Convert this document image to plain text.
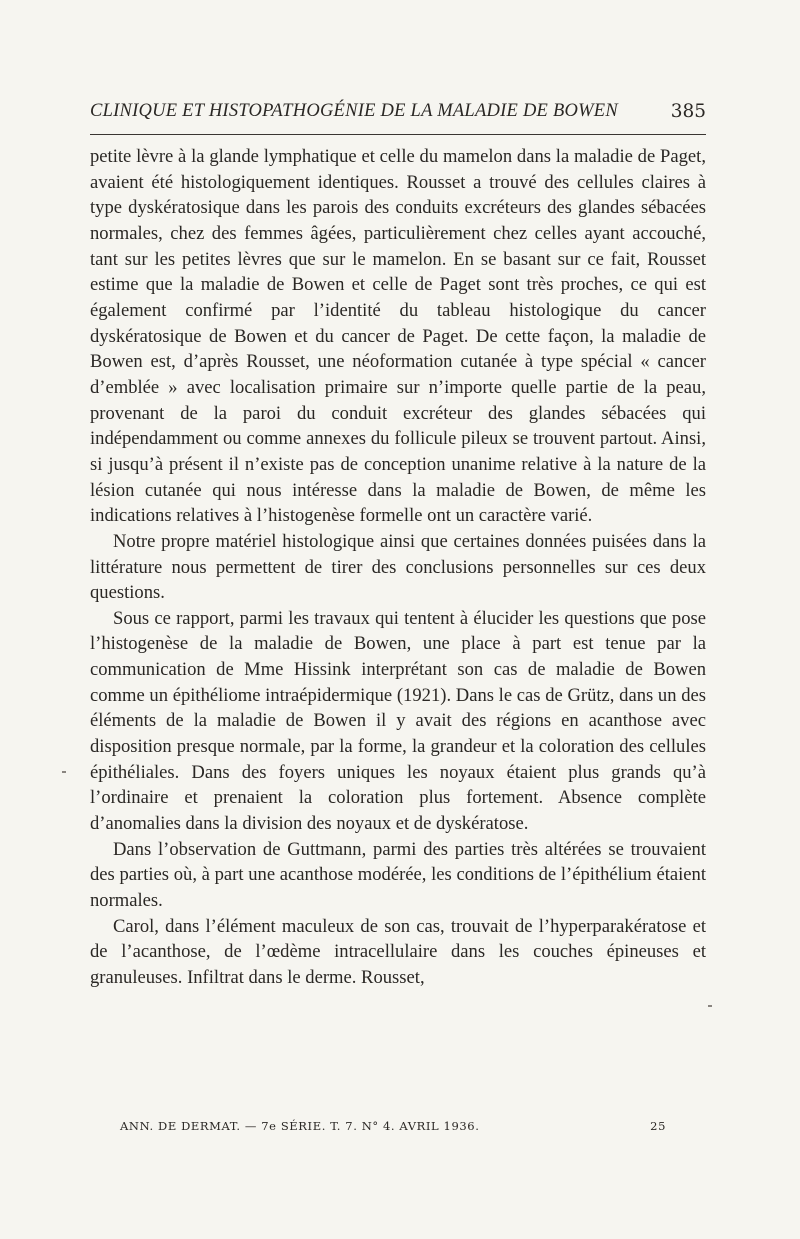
CLINIQUE ET HISTOPATHOGÉNIE DE LA MALADIE DE BOWEN	385

petite lèvre à la glande lymphatique et celle du mamelon dans la maladie de Paget, avaient été histologiquement identiques. Rousset a trouvé des cellules claires à type dyskératosique dans les parois des conduits excréteurs des glandes sébacées normales, chez des femmes âgées, particulièrement chez celles ayant accouché, tant sur les petites lèvres que sur le mamelon. En se basant sur ce fait, Rousset estime que la maladie de Bowen et celle de Paget sont très proches, ce qui est également confirmé par l’identité du tableau histologique du cancer dyskératosique de Bowen et du cancer de Paget. De cette façon, la maladie de Bowen est, d’après Rousset, une néoformation cutanée à type spécial « cancer d’emblée » avec localisation primaire sur n’importe quelle partie de la peau, provenant de la paroi du conduit excréteur des glandes sébacées qui indépendamment ou comme annexes du follicule pileux se trouvent partout. Ainsi, si jusqu’à présent il n’existe pas de conception unanime relative à la nature de la lésion cutanée qui nous intéresse dans la maladie de Bowen, de même les indications relatives à l’histogenèse formelle ont un caractère varié.

Notre propre matériel histologique ainsi que certaines données puisées dans la littérature nous permettent de tirer des conclusions personnelles sur ces deux questions.

Sous ce rapport, parmi les travaux qui tentent à élucider les questions que pose l’histogenèse de la maladie de Bowen, une place à part est tenue par la communication de Mme Hissink interprétant son cas de maladie de Bowen comme un épithéliome intraépidermique (1921). Dans le cas de Grütz, dans un des éléments de la maladie de Bowen il y avait des régions en acanthose avec disposition presque normale, par la forme, la grandeur et la coloration des cellules épithéliales. Dans des foyers uniques les noyaux étaient plus grands qu’à l’ordinaire et prenaient la coloration plus fortement. Absence complète d’anomalies dans la division des noyaux et de dyskératose.

Dans l’observation de Guttmann, parmi des parties très altérées se trouvaient des parties où, à part une acanthose modérée, les conditions de l’épithélium étaient normales.

Carol, dans l’élément maculeux de son cas, trouvait de l’hyperparakératose et de l’acanthose, de l’œdème intracellulaire dans les couches épineuses et granuleuses. Infiltrat dans le derme. Rousset,

ANN. DE DERMAT. — 7e SÉRIE. T. 7. N° 4. AVRIL 1936.	25
